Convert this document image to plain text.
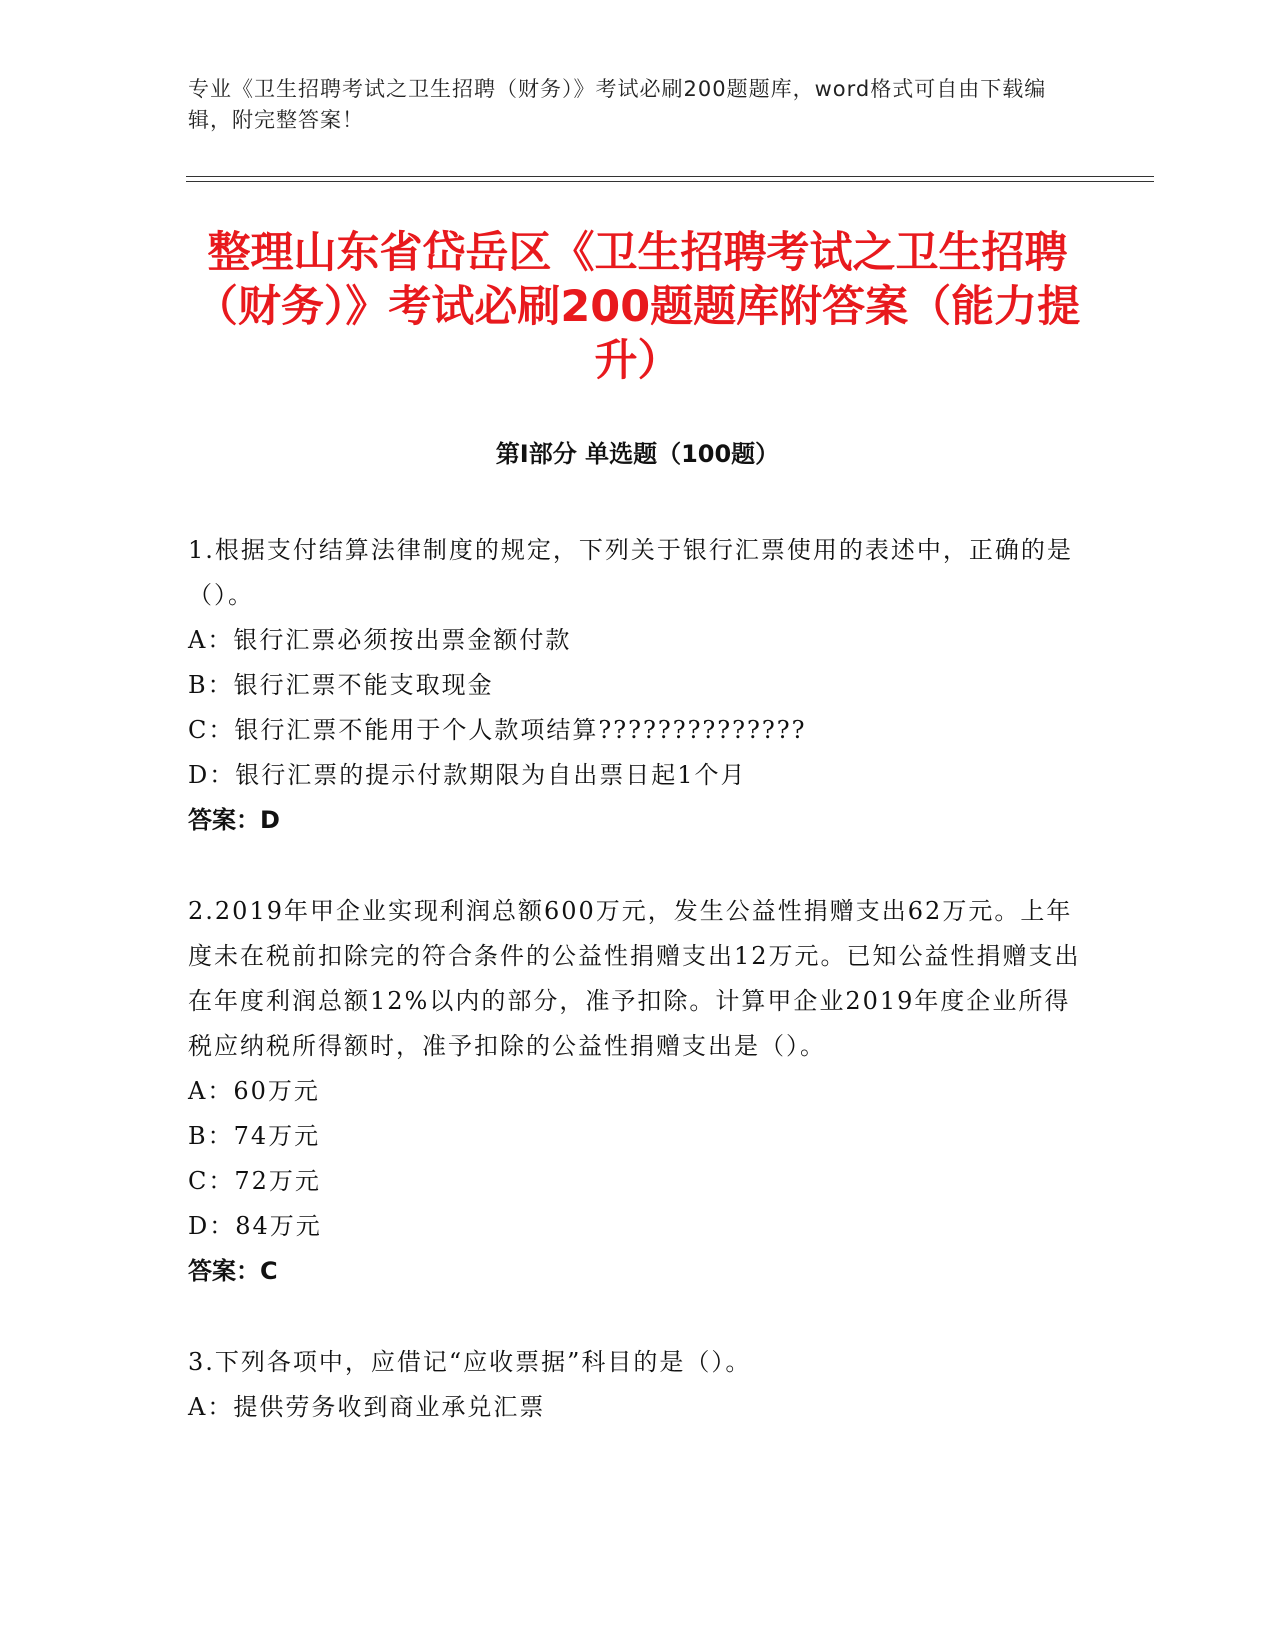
专业《卫生招聘考试之卫生招聘（财务）》考试必刷200题题库，word格式可自由下载编辑，附完整答案！
整理山东省岱岳区《卫生招聘考试之卫生招聘（财务）》考试必刷200题题库附答案（能力提升）
第I部分 单选题（100题）

1.根据支付结算法律制度的规定，下列关于银行汇票使用的表述中，正确的是（）。

A：银行汇票必须按出票金额付款

B：银行汇票不能支取现金

C：银行汇票不能用于个人款项结算??????????????

D：银行汇票的提示付款期限为自出票日起1个月

答案：D

2.2019年甲企业实现利润总额600万元，发生公益性捐赠支出62万元。上年度未在税前扣除完的符合条件的公益性捐赠支出12万元。已知公益性捐赠支出在年度利润总额12%以内的部分，准予扣除。计算甲企业2019年度企业所得税应纳税所得额时，准予扣除的公益性捐赠支出是（）。

A：60万元

B：74万元

C：72万元

D：84万元

答案：C

3.下列各项中，应借记“应收票据”科目的是（）。

A：提供劳务收到商业承兑汇票
